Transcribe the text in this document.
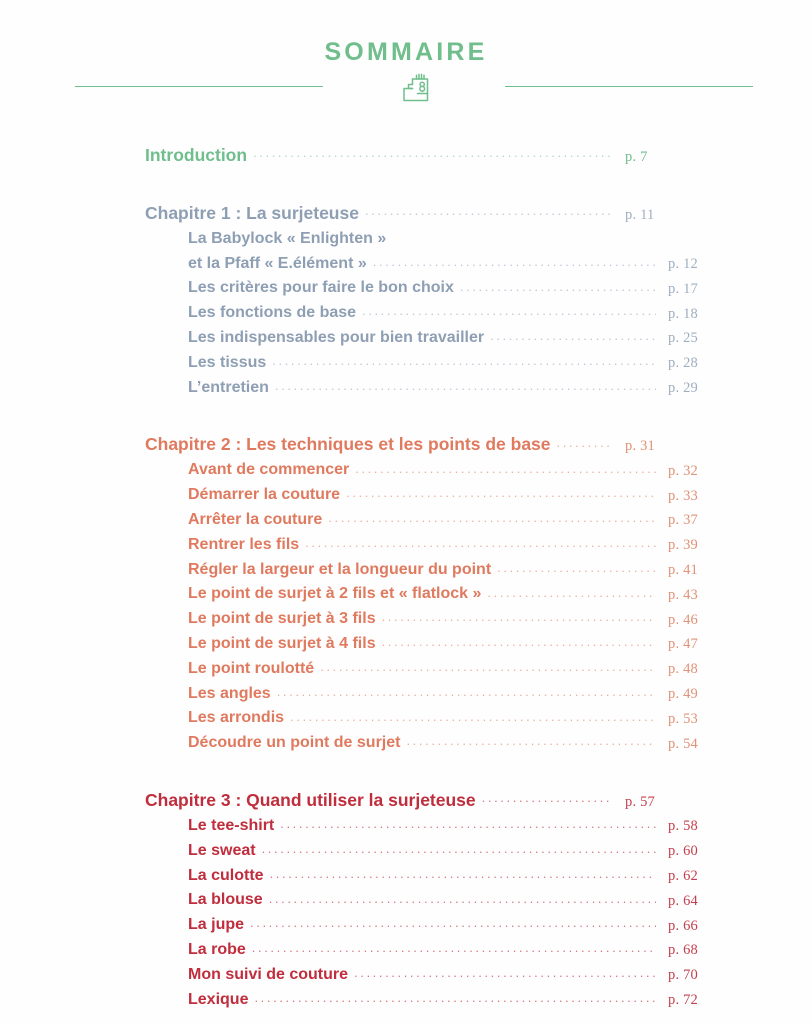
SOMMAIRE
Introduction .....	p. 7
Chapitre 1 : La surjeteuse .....	p. 11
La Babylock « Enlighten »
et la Pfaff « E.élément » .....	p. 12
Les critères pour faire le bon choix .....	p. 17
Les fonctions de base .....	p. 18
Les indispensables pour bien travailler .....	p. 25
Les tissus .....	p. 28
L’entretien .....	p. 29
Chapitre 2 : Les techniques et les points de base .....	p. 31
Avant de commencer .....	p. 32
Démarrer la couture .....	p. 33
Arrêter la couture .....	p. 37
Rentrer les fils .....	p. 39
Régler la largeur et la longueur du point .....	p. 41
Le point de surjet à 2 fils et « flatlock » .....	p. 43
Le point de surjet à 3 fils .....	p. 46
Le point de surjet à 4 fils .....	p. 47
Le point roulotté .....	p. 48
Les angles .....	p. 49
Les arrondis .....	p. 53
Découdre un point de surjet .....	p. 54
Chapitre 3 : Quand utiliser la surjeteuse .....	p. 57
Le tee-shirt .....	p. 58
Le sweat .....	p. 60
La culotte .....	p. 62
La blouse .....	p. 64
La jupe .....	p. 66
La robe .....	p. 68
Mon suivi de couture .....	p. 70
Lexique .....	p. 72
